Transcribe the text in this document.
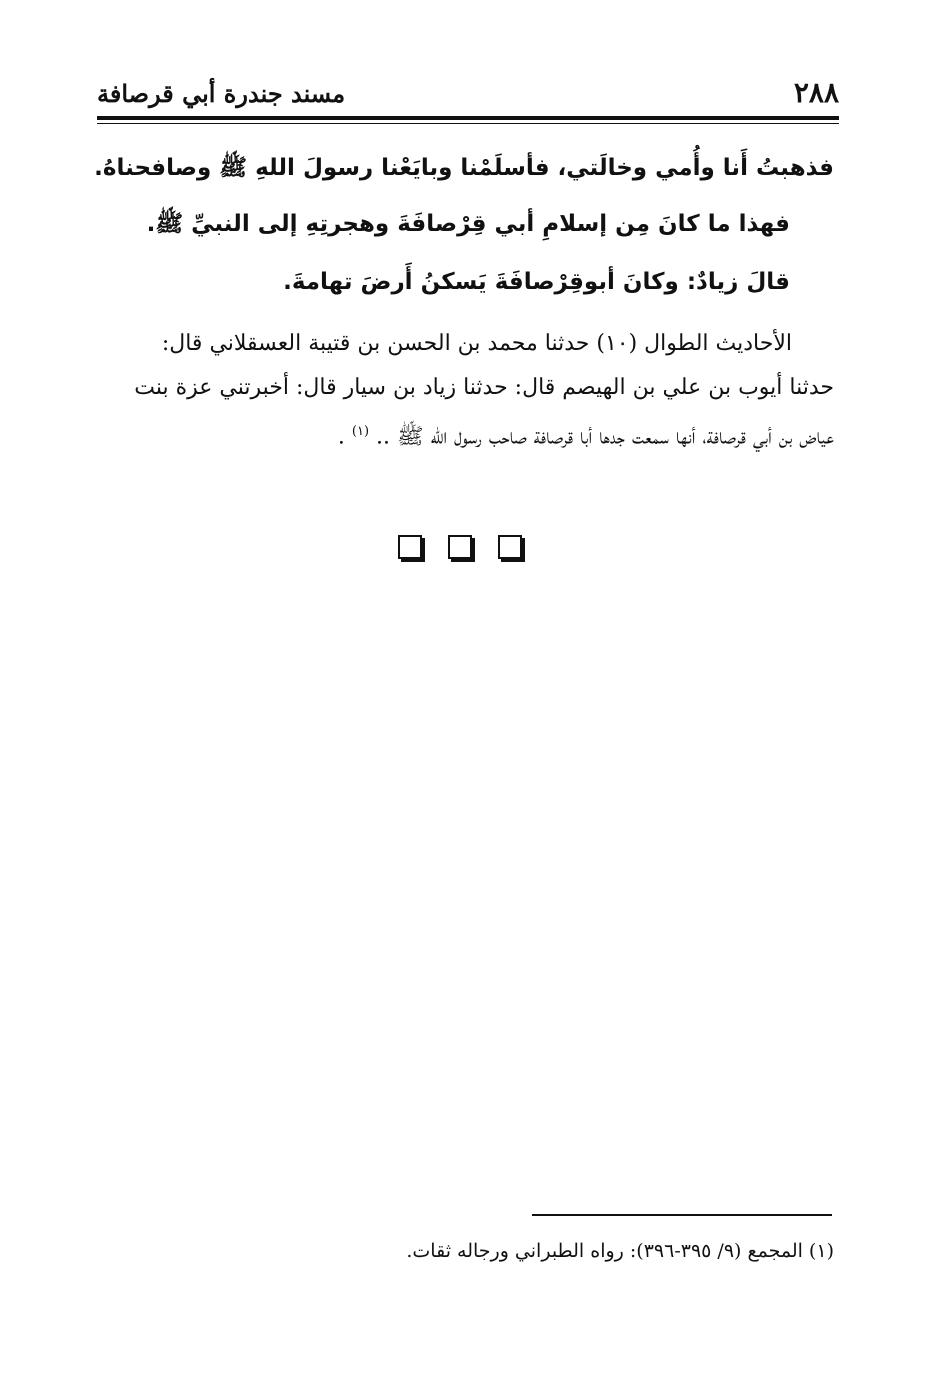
٢٨٨
مسند جندرة أبي قرصافة
فذهبتُ أَنا وأُمي وخالَتي، فأسلَمْنا وبايَعْنا رسولَ اللهِ ﷺ وصافحناهُ.
فهذا ما كانَ مِن إسلامِ أبي قِرْصافَةَ وهجرتِهِ إلى النبيِّ ﷺ.
قالَ زيادٌ: وكانَ أبوقِرْصافَةَ يَسكنُ أَرضَ تهامةَ.
الأحاديث الطوال (١٠) حدثنا محمد بن الحسن بن قتيبة العسقلاني قال:
حدثنا أيوب بن علي بن الهيصم قال: حدثنا زياد بن سيار قال: أخبرتني عزة بنت
عياض بن أبي قرصافة، أنها سمعت جدها أبا قرصافة صاحب رسول الله ﷺ .. $^{(١)}$ .
(١) المجمع (٩/ ٣٩٥-٣٩٦): رواه الطبراني ورجاله ثقات.
